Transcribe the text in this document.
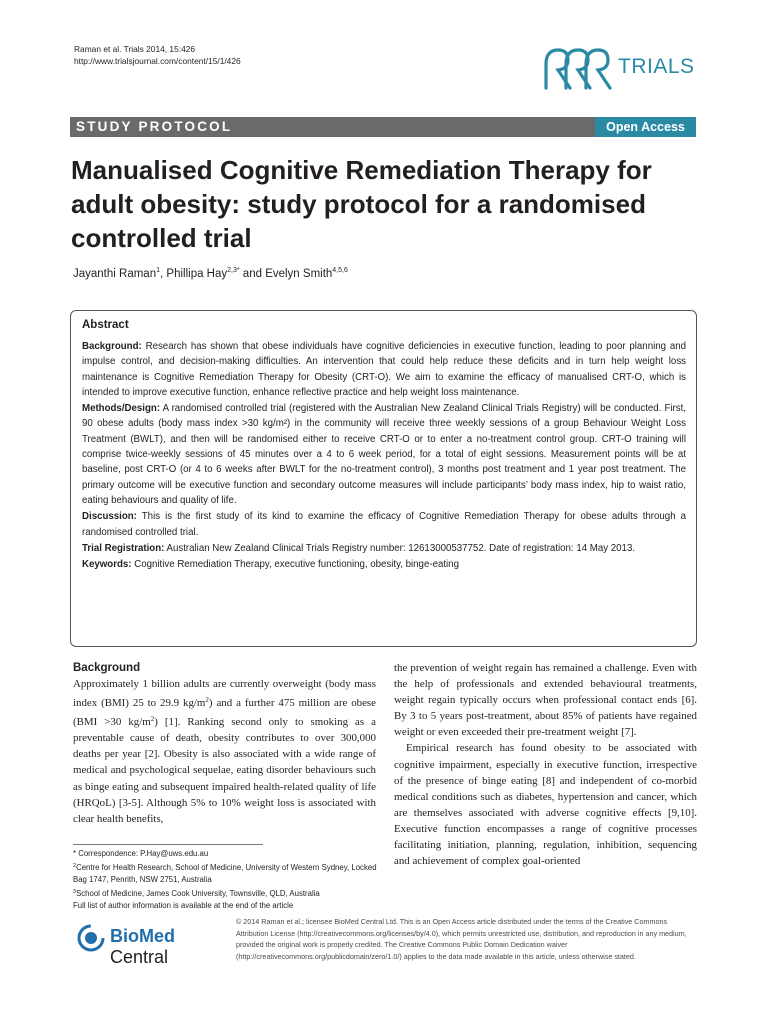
Raman et al. Trials 2014, 15:426
http://www.trialsjournal.com/content/15/1/426	TRIALS
STUDY PROTOCOL	Open Access
Manualised Cognitive Remediation Therapy for adult obesity: study protocol for a randomised controlled trial
Jayanthi Raman$^1$, Phillipa Hay$^{2,3*}$ and Evelyn Smith$^{4,5,6}$
Abstract

Background: Research has shown that obese individuals have cognitive deficiencies in executive function, leading to poor planning and impulse control, and decision-making difficulties. An intervention that could help reduce these deficits and in turn help weight loss maintenance is Cognitive Remediation Therapy for Obesity (CRT-O). We aim to examine the efficacy of manualised CRT-O, which is intended to improve executive function, enhance reflective practice and help weight loss maintenance.

Methods/Design: A randomised controlled trial (registered with the Australian New Zealand Clinical Trials Registry) will be conducted. First, 90 obese adults (body mass index >30 kg/m²) in the community will receive three weekly sessions of a group Behaviour Weight Loss Treatment (BWLT), and then will be randomised either to receive CRT-O or to enter a no-treatment control group. CRT-O training will comprise twice-weekly sessions of 45 minutes over a 4 to 6 week period, for a total of eight sessions. Measurement points will be at baseline, post CRT-O (or 4 to 6 weeks after BWLT for the no-treatment control), 3 months post treatment and 1 year post treatment. The primary outcome will be executive function and secondary outcome measures will include participants’ body mass index, hip to waist ratio, eating behaviours and quality of life.

Discussion: This is the first study of its kind to examine the efficacy of Cognitive Remediation Therapy for obese adults through a randomised controlled trial.

Trial Registration: Australian New Zealand Clinical Trials Registry number: 12613000537752. Date of registration: 14 May 2013.

Keywords: Cognitive Remediation Therapy, executive functioning, obesity, binge-eating

Background

Approximately 1 billion adults are currently overweight (body mass index (BMI) 25 to 29.9 $kg/m^2$) and a further 475 million are obese (BMI >30 $kg/m^2$) [1]. Ranking second only to smoking as a preventable cause of death, obesity contributes to over 300,000 deaths per year [2]. Obesity is also associated with a wide range of medical and psychological sequelae, eating disorder behaviours such as binge eating and subsequent impaired health-related quality of life (HRQoL) [3-5]. Although 5% to 10% weight loss is associated with clear health benefits,

the prevention of weight regain has remained a challenge. Even with the help of professionals and extended behavioural treatments, weight regain typically occurs when professional contact ends [6]. By 3 to 5 years post-treatment, about 85% of patients have regained weight or even exceeded their pre-treatment weight [7].

Empirical research has found obesity to be associated with cognitive impairment, especially in executive function, irrespective of the presence of binge eating [8] and independent of co-morbid medical conditions such as diabetes, hypertension and cancer, which are themselves associated with adverse cognitive effects [9,10]. Executive function encompasses a range of cognitive processes facilitating initiation, planning, regulation, inhibition, sequencing and achievement of complex goal-oriented

* Correspondence: P.Hay@uws.edu.au
$^2$Centre for Health Research, School of Medicine, University of Western Sydney, Locked Bag 1747, Penrith, NSW 2751, Australia
$^3$School of Medicine, James Cook University, Townsville, QLD, Australia
Full list of author information is available at the end of the article
BioMed Central
© 2014 Raman et al.; licensee BioMed Central Ltd. This is an Open Access article distributed under the terms of the Creative Commons Attribution License (http://creativecommons.org/licenses/by/4.0), which permits unrestricted use, distribution, and reproduction in any medium, provided the original work is properly credited. The Creative Commons Public Domain Dedication waiver (http://creativecommons.org/publicdomain/zero/1.0/) applies to the data made available in this article, unless otherwise stated.
